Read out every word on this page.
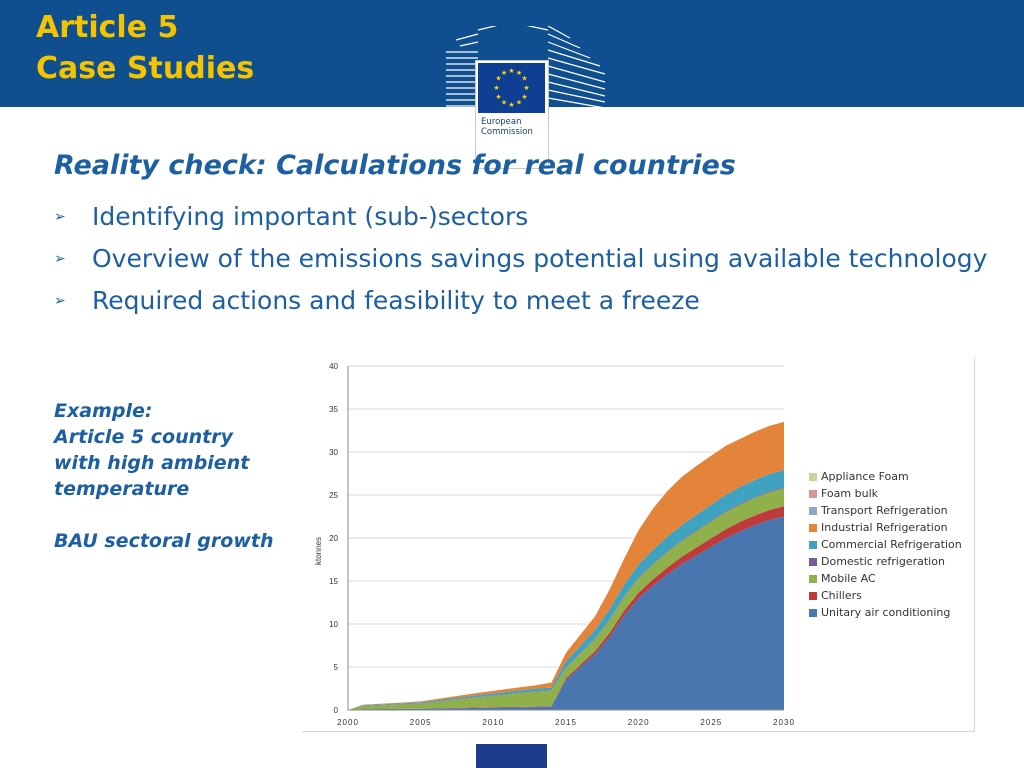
Article 5
Case Studies	★ ★
★
★
★
★
★
★
★
★
★
★
European
Commission
Reality check: Calculations for real countries
➢ Identifying important (sub-)sectors
➢ Overview of the emissions savings potential using available technology
➢ Required actions and feasibility to meet a freeze
Example:
Article 5 country
with high ambient
temperature
BAU sectoral growth
0
5
10
15
20
25
30
35
40
2000	2005	2010	2015	2020	2025	2030
ktonnes
Appliance Foam
Foam bulk
Transport Refrigeration
Industrial Refrigeration
Commercial Refrigeration
Domestic refrigeration
Mobile AC
Chillers
Unitary air conditioning
